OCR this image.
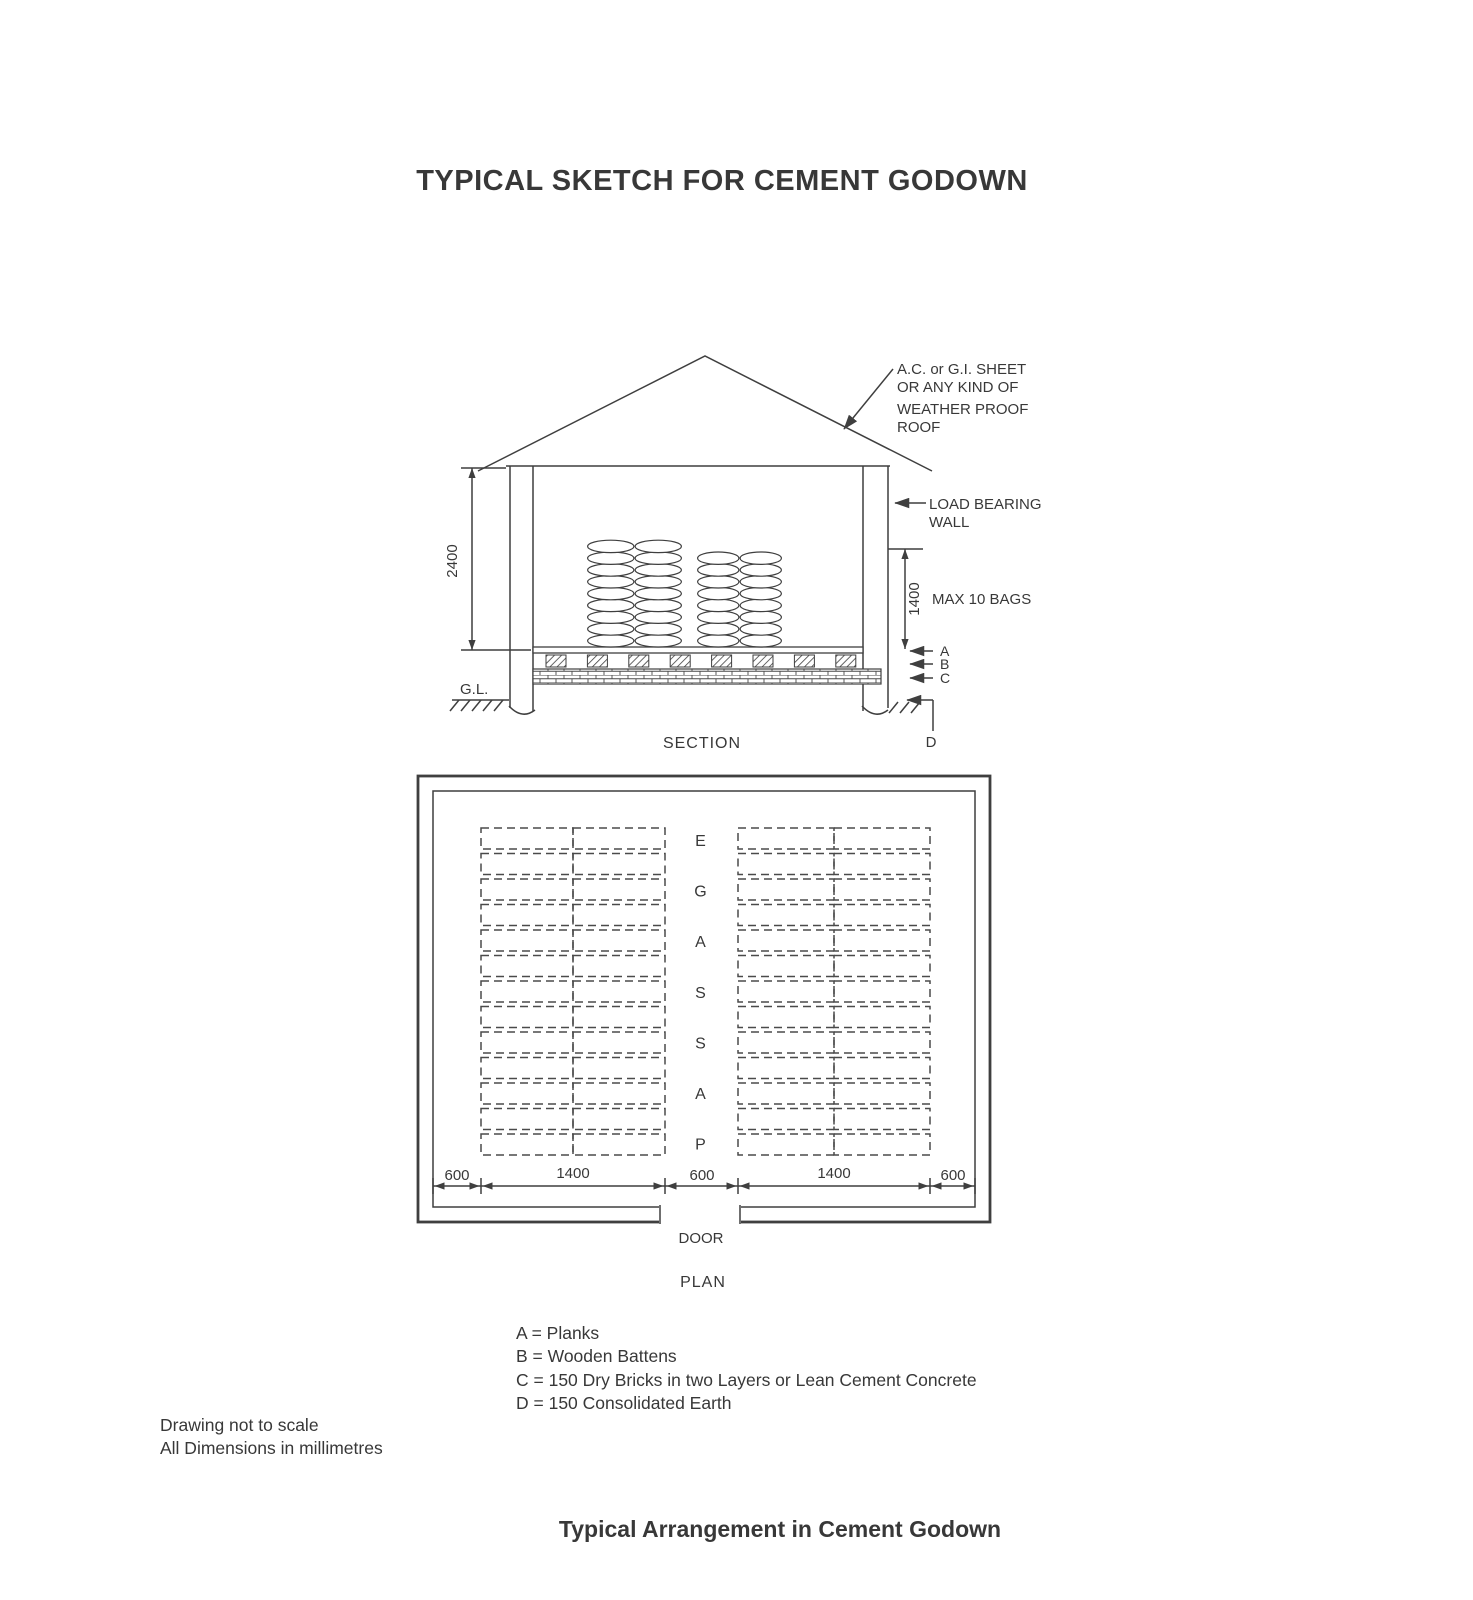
TYPICAL SKETCH FOR CEMENT GODOWN
2400
1400 MAX 10 BAGS
A.C. or G.I. SHEET
OR ANY KIND OF
WEATHER PROOF
ROOF
LOAD BEARING
WALL
G.L.
A
B
C
D
SECTION
E
G
A
S
S
A
P
600	1400	600	1400	600
DOOR
PLAN
A = Planks
B = Wooden Battens
C = 150 Dry Bricks in two Layers or Lean Cement Concrete
D = 150 Consolidated Earth
Drawing not to scale
All Dimensions in millimetres
Typical Arrangement in Cement Godown
